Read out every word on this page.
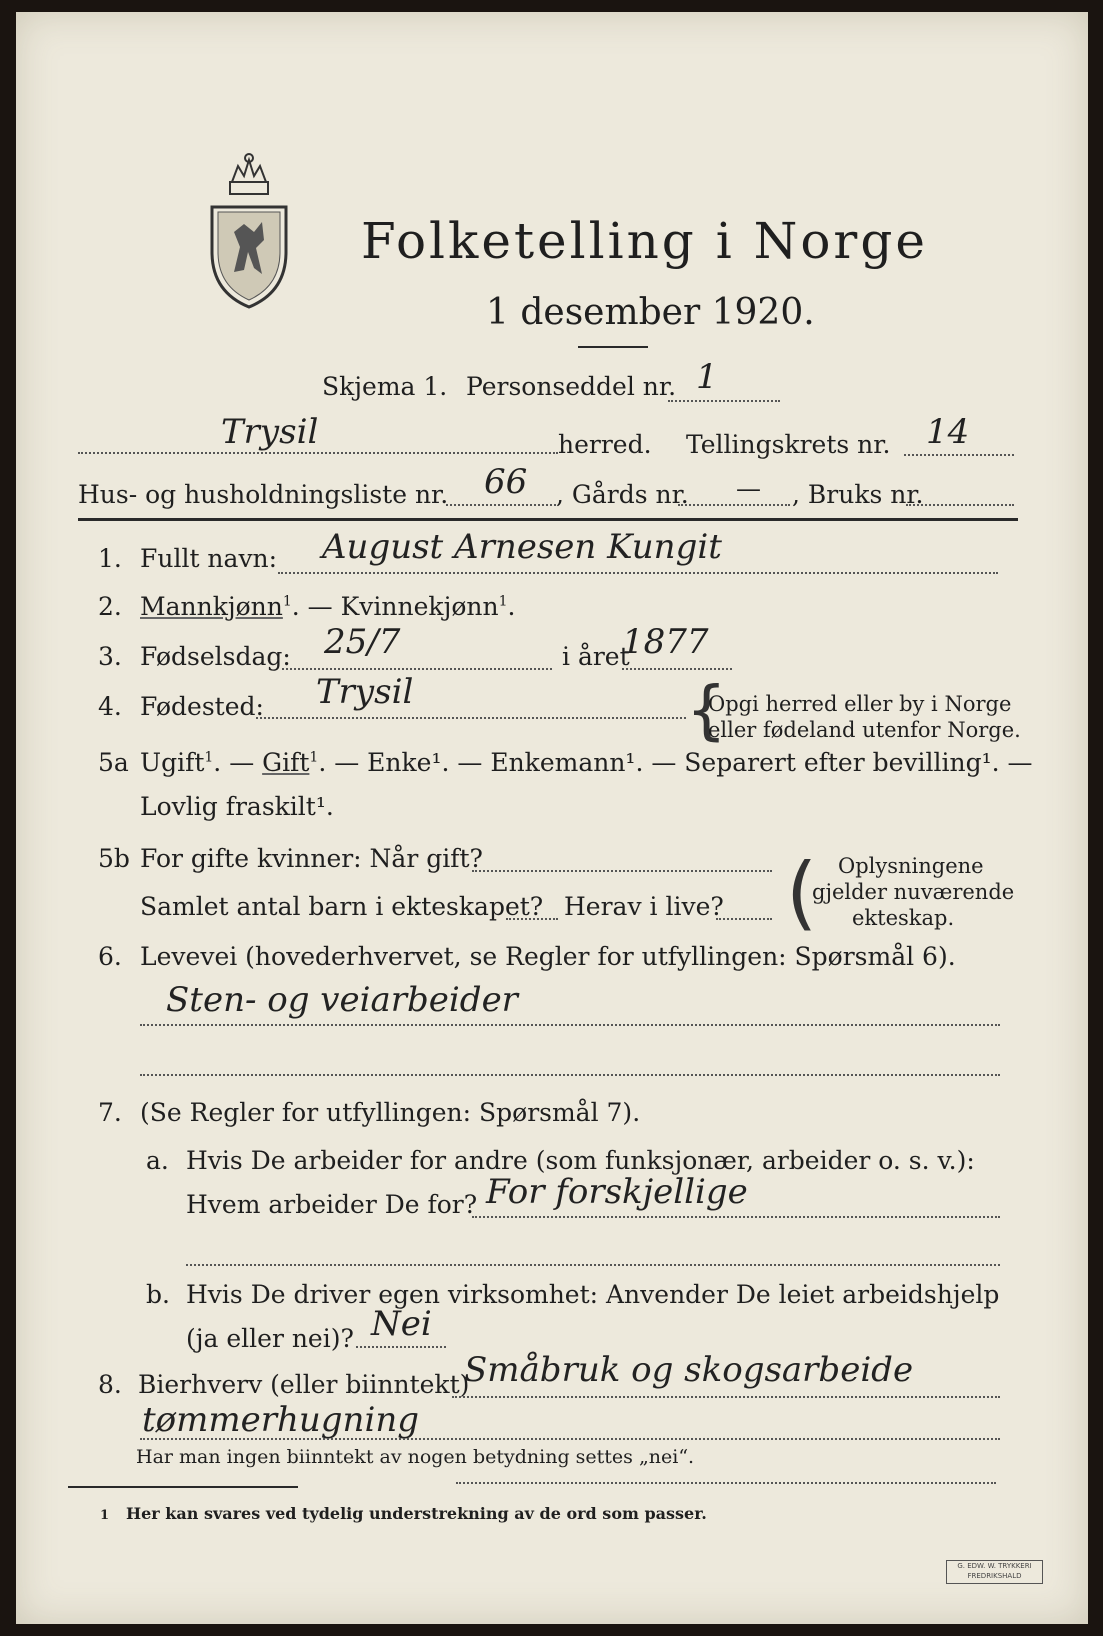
Folketelling i Norge
1 desember 1920.
Skjema 1. Personseddel nr. 1
Trysil	herred. Tellingskrets nr. 14
Hus- og husholdningsliste nr. 66 , Gårds nr. — , Bruks nr.
1. Fullt navn: August Arnesen Kungit
2. Mannkjønn$^1$. — Kvinnekjønn$^1$.
3. Fødselsdag: 25/7	i året
1877
4. Fødested: Trysil	{
Opgi herred eller by i Norge
eller fødeland utenfor Norge.
5a Ugift$^1$. — Gift$^1$. — Enke¹. — Enkemann¹. — Separert efter bevilling¹. —
Lovlig fraskilt¹.
5b For gifte kvinner: Når gift?
Samlet antal barn i ekteskapet? Herav i live? ( Oplysningene
gjelder nuværende
ekteskap.
6. Levevei (hovederhvervet, se Regler for utfyllingen: Spørsmål 6).
Sten- og veiarbeider
7. (Se Regler for utfyllingen: Spørsmål 7).
a. Hvis De arbeider for andre (som funksjonær, arbeider o. s. v.):
Hvem arbeider De for? For forskjellige
b. Hvis De driver egen virksomhet: Anvender De leiet arbeidshjelp
(ja eller nei)? Nei
8. Bierhverv (eller biinntekt)
Småbruk og skogsarbeide
tømmerhugning
Har man ingen biinntekt av nogen betydning settes „nei“.
1 Her kan svares ved tydelig understrekning av de ord som passer.
G. EDW. W. TRYKKERI
FREDRIKSHALD
